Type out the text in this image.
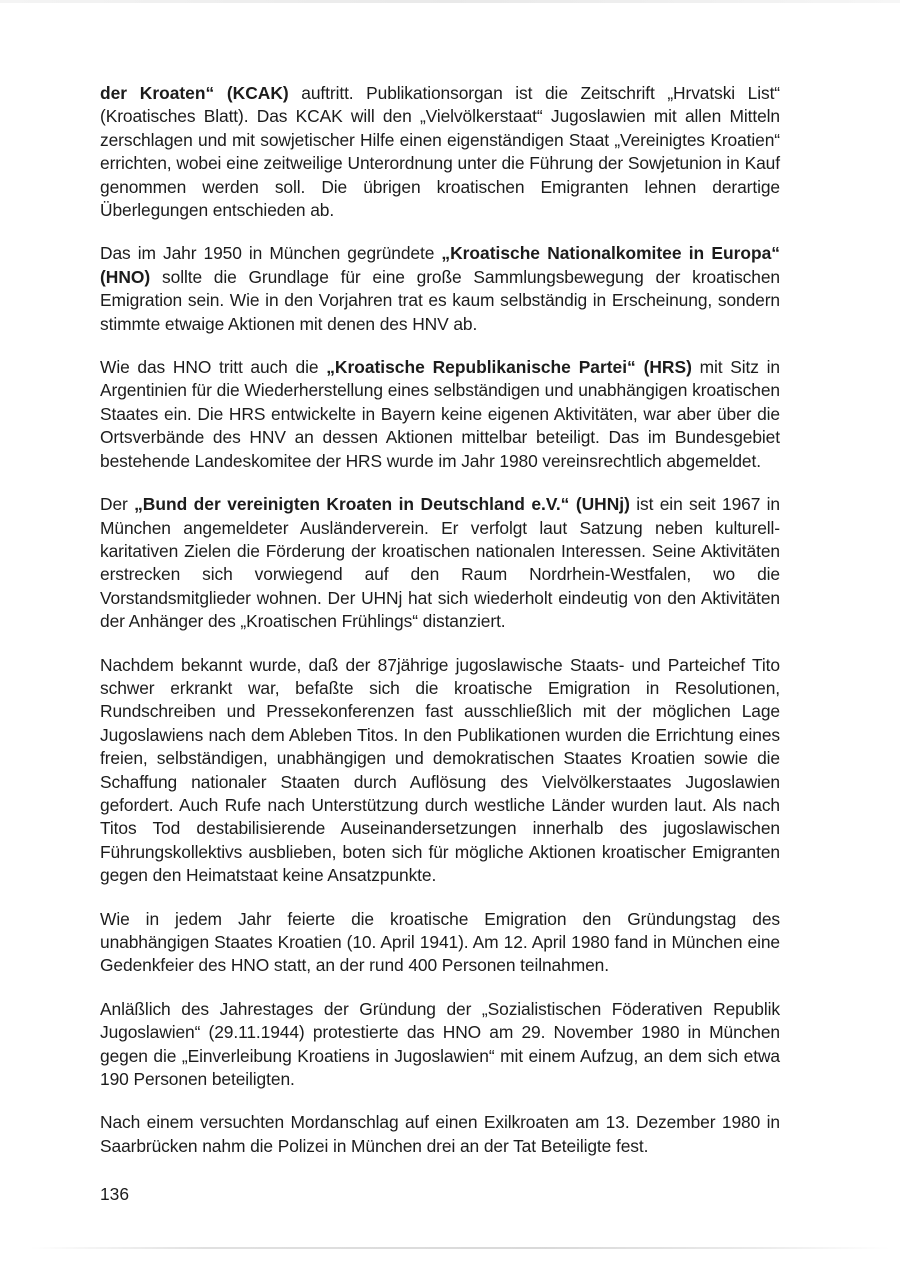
der Kroaten“ (KCAK) auftritt. Publikationsorgan ist die Zeitschrift „Hrvatski List“ (Kroatisches Blatt). Das KCAK will den „Vielvölkerstaat“ Jugoslawien mit allen Mitteln zerschlagen und mit sowjetischer Hilfe einen eigenständigen Staat „Vereinigtes Kroatien“ errichten, wobei eine zeitweilige Unterordnung unter die Führung der Sowjetunion in Kauf genommen werden soll. Die übrigen kroatischen Emigranten lehnen derartige Überlegungen entschieden ab.

Das im Jahr 1950 in München gegründete „Kroatische Nationalkomitee in Europa“ (HNO) sollte die Grundlage für eine große Sammlungsbewegung der kroatischen Emigration sein. Wie in den Vorjahren trat es kaum selbständig in Erscheinung, sondern stimmte etwaige Aktionen mit denen des HNV ab.

Wie das HNO tritt auch die „Kroatische Republikanische Partei“ (HRS) mit Sitz in Argentinien für die Wiederherstellung eines selbständigen und unabhängigen kroatischen Staates ein. Die HRS entwickelte in Bayern keine eigenen Aktivitäten, war aber über die Ortsverbände des HNV an dessen Aktionen mittelbar beteiligt. Das im Bundesgebiet bestehende Landeskomitee der HRS wurde im Jahr 1980 vereinsrechtlich abgemeldet.

Der „Bund der vereinigten Kroaten in Deutschland e.V.“ (UHNj) ist ein seit 1967 in München angemeldeter Ausländerverein. Er verfolgt laut Satzung neben kulturell-karitativen Zielen die Förderung der kroatischen nationalen Interessen. Seine Aktivitäten erstrecken sich vorwiegend auf den Raum Nordrhein-Westfalen, wo die Vorstandsmitglieder wohnen. Der UHNj hat sich wiederholt eindeutig von den Aktivitäten der Anhänger des „Kroatischen Frühlings“ distanziert.

Nachdem bekannt wurde, daß der 87jährige jugoslawische Staats- und Parteichef Tito schwer erkrankt war, befaßte sich die kroatische Emigration in Resolutionen, Rundschreiben und Pressekonferenzen fast ausschließlich mit der möglichen Lage Jugoslawiens nach dem Ableben Titos. In den Publikationen wurden die Errichtung eines freien, selbständigen, unabhängigen und demokratischen Staates Kroatien sowie die Schaffung nationaler Staaten durch Auflösung des Vielvölkerstaates Jugoslawien gefordert. Auch Rufe nach Unterstützung durch westliche Länder wurden laut. Als nach Titos Tod destabilisierende Auseinandersetzungen innerhalb des jugoslawischen Führungskollektivs ausblieben, boten sich für mögliche Aktionen kroatischer Emigranten gegen den Heimatstaat keine Ansatzpunkte.

Wie in jedem Jahr feierte die kroatische Emigration den Gründungstag des unabhängigen Staates Kroatien (10. April 1941). Am 12. April 1980 fand in München eine Gedenkfeier des HNO statt, an der rund 400 Personen teilnahmen.

Anläßlich des Jahrestages der Gründung der „Sozialistischen Föderativen Republik Jugoslawien“ (29.11.1944) protestierte das HNO am 29. November 1980 in München gegen die „Einverleibung Kroatiens in Jugoslawien“ mit einem Aufzug, an dem sich etwa 190 Personen beteiligten.

Nach einem versuchten Mordanschlag auf einen Exilkroaten am 13. Dezember 1980 in Saarbrücken nahm die Polizei in München drei an der Tat Beteiligte fest.

136
